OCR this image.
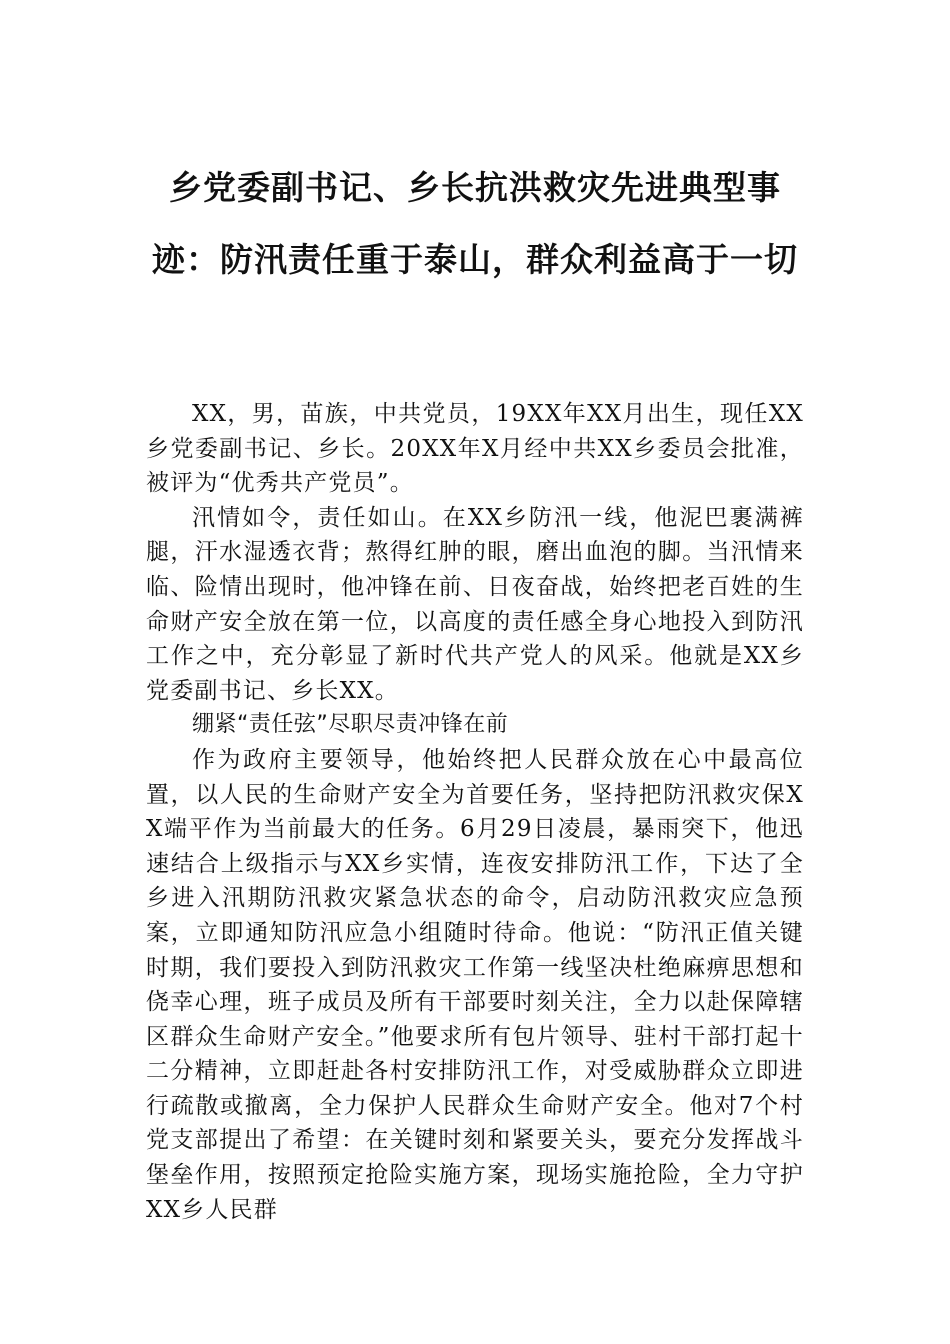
乡党委副书记、乡长抗洪救灾先进典型事迹：防汛责任重于泰山，群众利益高于一切

XX，男，苗族，中共党员，19XX年XX月出生，现任XX乡党委副书记、乡长。20XX年X月经中共XX乡委员会批准，被评为“优秀共产党员”。

汛情如令，责任如山。在XX乡防汛一线，他泥巴裹满裤腿，汗水湿透衣背；熬得红肿的眼，磨出血泡的脚。当汛情来临、险情出现时，他冲锋在前、日夜奋战，始终把老百姓的生命财产安全放在第一位，以高度的责任感全身心地投入到防汛工作之中，充分彰显了新时代共产党人的风采。他就是XX乡党委副书记、乡长XX。

绷紧“责任弦”尽职尽责冲锋在前

作为政府主要领导，他始终把人民群众放在心中最高位置，以人民的生命财产安全为首要任务，坚持把防汛救灾保XX端平作为当前最大的任务。6月29日凌晨，暴雨突下，他迅速结合上级指示与XX乡实情，连夜安排防汛工作，下达了全乡进入汛期防汛救灾紧急状态的命令，启动防汛救灾应急预案，立即通知防汛应急小组随时待命。他说：“防汛正值关键时期，我们要投入到防汛救灾工作第一线坚决杜绝麻痹思想和侥幸心理，班子成员及所有干部要时刻关注，全力以赴保障辖区群众生命财产安全。”他要求所有包片领导、驻村干部打起十二分精神，立即赶赴各村安排防汛工作，对受威胁群众立即进行疏散或撤离，全力保护人民群众生命财产安全。他对7个村党支部提出了希望：在关键时刻和紧要关头，要充分发挥战斗堡垒作用，按照预定抢险实施方案，现场实施抢险，全力守护XX乡人民群
